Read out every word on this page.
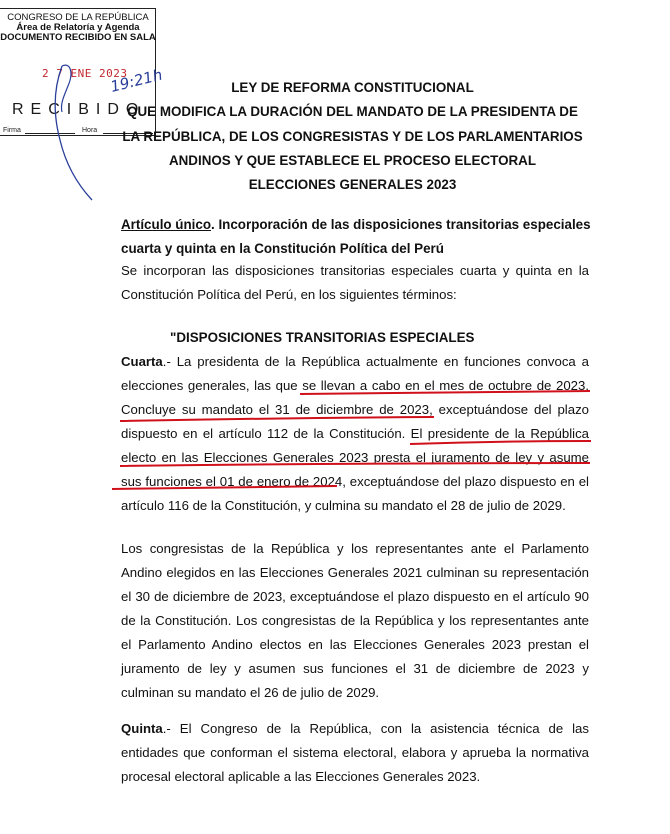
CONGRESO DE LA REPÚBLICA
Área de Relatoría y Agenda
DOCUMENTO RECIBIDO EN SALA
2 7 ENE 2023
RECIBIDO
Firma	Hora
19:21h	LEY DE REFORMA CONSTITUCIONAL
QUE MODIFICA LA DURACIÓN DEL MANDATO DE LA PRESIDENTA DE
LA REPÚBLICA, DE LOS CONGRESISTAS Y DE LOS PARLAMENTARIOS
ANDINOS Y QUE ESTABLECE EL PROCESO ELECTORAL
ELECCIONES GENERALES 2023
Artículo único. Incorporación de las disposiciones transitorias especiales cuarta y quinta en la Constitución Política del Perú
Se incorporan las disposiciones transitorias especiales cuarta y quinta en la Constitución Política del Perú, en los siguientes términos:
"DISPOSICIONES TRANSITORIAS ESPECIALES
Cuarta.- La presidenta de la República actualmente en funciones convoca a elecciones generales, las que se llevan a cabo en el mes de octubre de 2023. Concluye su mandato el 31 de diciembre de 2023, exceptuándose del plazo dispuesto en el artículo 112 de la Constitución. El presidente de la República electo en las Elecciones Generales 2023 presta el juramento de ley y asume sus funciones el 01 de enero de 2024, exceptuándose del plazo dispuesto en el artículo 116 de la Constitución, y culmina su mandato el 28 de julio de 2029.
Los congresistas de la República y los representantes ante el Parlamento Andino elegidos en las Elecciones Generales 2021 culminan su representación el 30 de diciembre de 2023, exceptuándose el plazo dispuesto en el artículo 90 de la Constitución. Los congresistas de la República y los representantes ante el Parlamento Andino electos en las Elecciones Generales 2023 prestan el juramento de ley y asumen sus funciones el 31 de diciembre de 2023 y culminan su mandato el 26 de julio de 2029.
Quinta.- El Congreso de la República, con la asistencia técnica de las entidades que conforman el sistema electoral, elabora y aprueba la normativa procesal electoral aplicable a las Elecciones Generales 2023.
